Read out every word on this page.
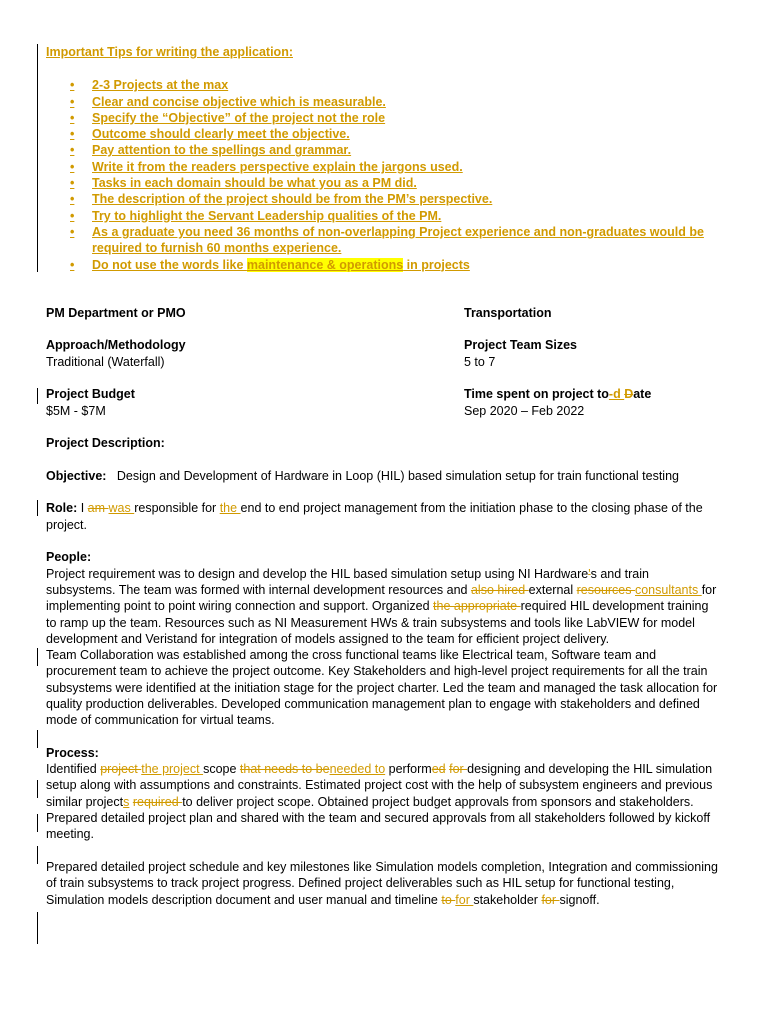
Important Tips for writing the application:

• 2-3 Projects at the max
• Clear and concise objective which is measurable.
• Specify the “Objective” of the project not the role
• Outcome should clearly meet the objective.
• Pay attention to the spellings and grammar.
• Write it from the readers perspective explain the jargons used.
• Tasks in each domain should be what you as a PM did.
• The description of the project should be from the PM’s perspective.
• Try to highlight the Servant Leadership qualities of the PM.
• As a graduate you need 36 months of non-overlapping Project experience and non-graduates would be required to furnish 60 months experience.
• Do not use the words like maintenance & operations in projects

PM Department or PMO	Transportation

Approach/Methodology

Traditional (Waterfall)

Project Team Sizes

5 to 7

Project Budget

$5M - $7M

Time spent on project to-d Date

Sep 2020 – Feb 2022

Project Description:

Objective: Design and Development of Hardware in Loop (HIL) based simulation setup for train functional testing

Role: I am was responsible for the end to end project management from the initiation phase to the closing phase of the project.

People:

Project requirement was to design and develop the HIL based simulation setup using NI Hardware's and train subsystems. The team was formed with internal development resources and also hired external resources consultants for implementing point to point wiring connection and support. Organized the appropriate required HIL development training to ramp up the team. Resources such as NI Measurement HWs & train subsystems and tools like LabVIEW for model development and Veristand for integration of models assigned to the team for efficient project delivery.

Team Collaboration was established among the cross functional teams like Electrical team, Software team and procurement team to achieve the project outcome. Key Stakeholders and high-level project requirements for all the train subsystems were identified at the initiation stage for the project charter. Led the team and managed the task allocation for quality production deliverables. Developed communication management plan to engage with stakeholders and defined mode of communication for virtual teams.

Process:

Identified project the project scope that needs to beneeded to performed for designing and developing the HIL simulation setup along with assumptions and constraints. Estimated project cost with the help of subsystem engineers and previous similar projects required to deliver project scope. Obtained project budget approvals from sponsors and stakeholders. Prepared detailed project plan and shared with the team and secured approvals from all stakeholders followed by kickoff meeting.

Prepared detailed project schedule and key milestones like Simulation models completion, Integration and commissioning of train subsystems to track project progress. Defined project deliverables such as HIL setup for functional testing, Simulation models description document and user manual and timeline to for stakeholder for signoff.
